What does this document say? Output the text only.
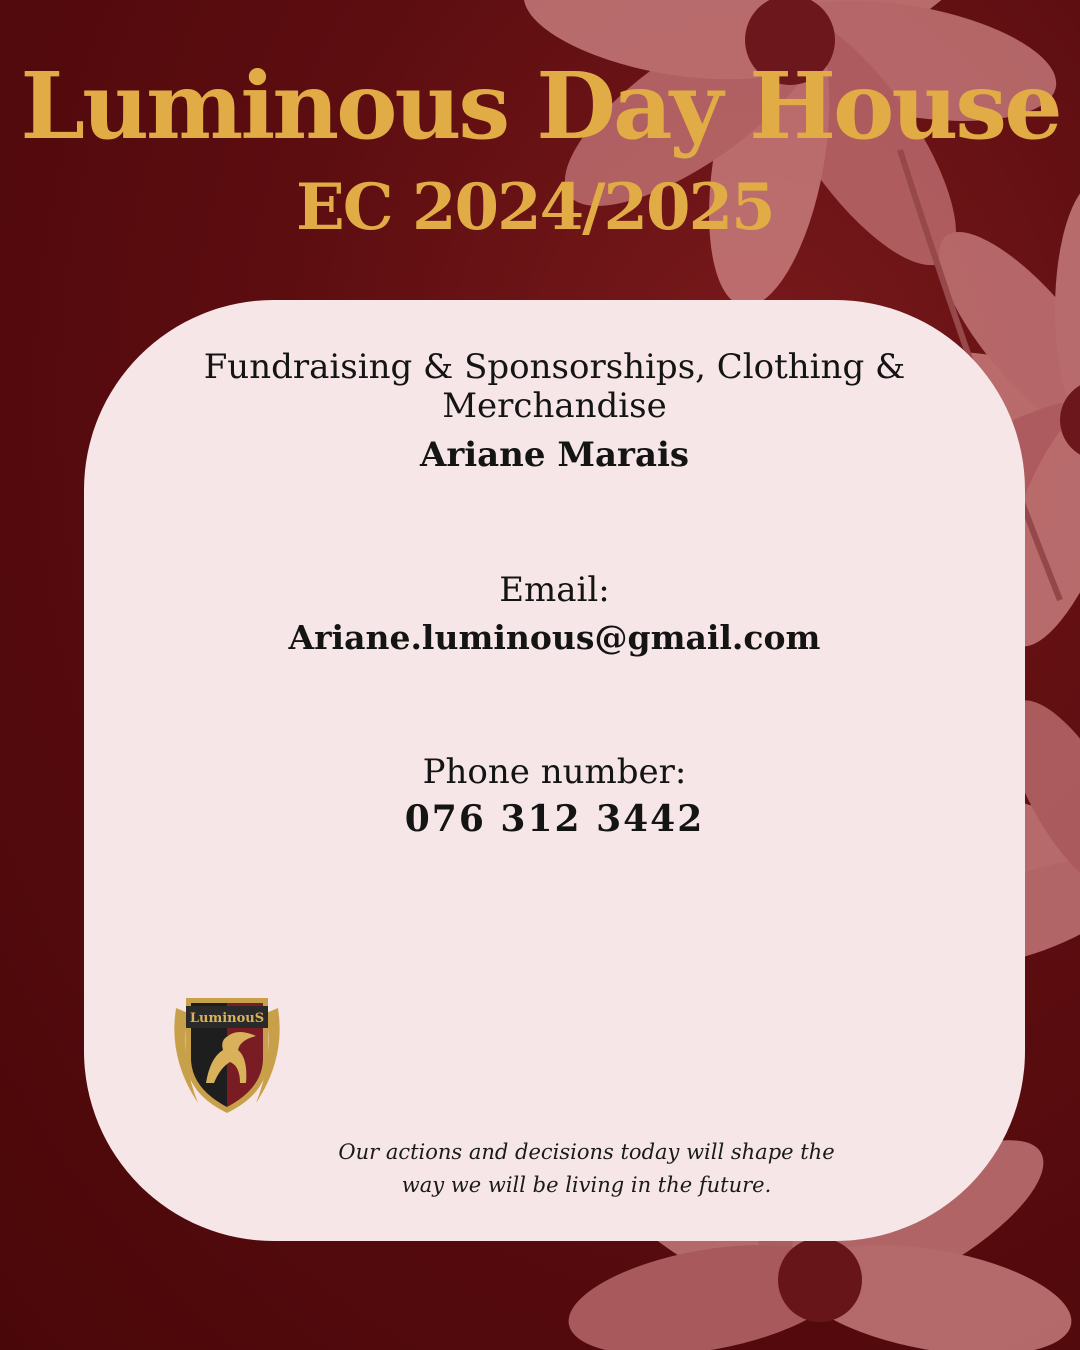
Luminous Day House
EC 2024/2025
Fundraising & Sponsorships, Clothing & Merchandise
Ariane Marais
Email:
Ariane.luminous@gmail.com
Phone number:
076 312 3442
LuminouS
Our actions and decisions today will shape the way we will be living in the future.
